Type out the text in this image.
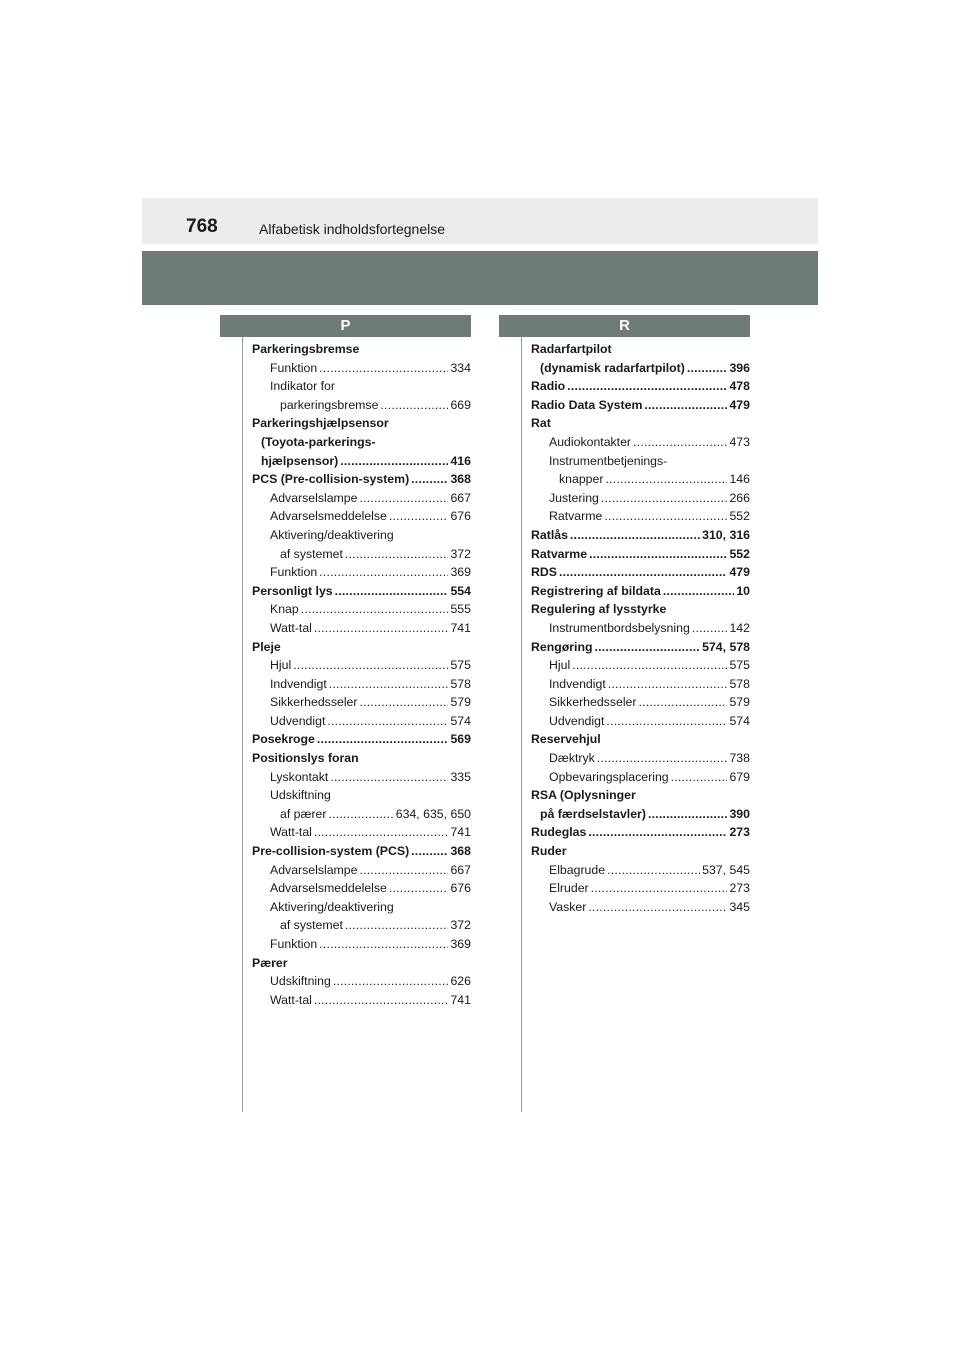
768	Alfabetisk indholdsfortegnelse
P	R
Parkeringsbremse
Funktion . . .	334
Indikator for
parkeringsbremse . . .	669
Parkeringshjælpsensor
(Toyota-parkerings-
hjælpsensor) . . .	416
PCS (Pre-collision-system) . . .	368
Advarselslampe . . .	667
Advarselsmeddelelse . . .	676
Aktivering/deaktivering
af systemet . . .	372
Funktion . . .	369
Personligt lys . . .	554
Knap . . .	555
Watt-tal . . .	741
Pleje
Hjul . . .	575
Indvendigt . . .	578
Sikkerhedsseler . . .	579
Udvendigt . . .	574
Posekroge . . .	569
Positionslys foran
Lyskontakt . . .	335
Udskiftning
af pærer . . .	634, 635, 650
Watt-tal . . .	741
Pre-collision-system (PCS) . . .	368
Advarselslampe . . .	667
Advarselsmeddelelse . . .	676
Aktivering/deaktivering
af systemet . . .	372
Funktion . . .	369
Pærer
Udskiftning . . .	626
Watt-tal . . .	741
Radarfartpilot
(dynamisk radarfartpilot) . . .	396
Radio . . .	478
Radio Data System . . .	479
Rat
Audiokontakter . . .	473
Instrumentbetjenings-
knapper . . .	146
Justering . . .	266
Ratvarme . . .	552
Ratlås . . .	310, 316
Ratvarme . . .	552
RDS . . .	479
Registrering af bildata . . .	10
Regulering af lysstyrke
Instrumentbordsbelysning . . .	142
Rengøring . . .	574, 578
Hjul . . .	575
Indvendigt . . .	578
Sikkerhedsseler . . .	579
Udvendigt . . .	574
Reservehjul
Dæktryk . . .	738
Opbevaringsplacering . . .	679
RSA (Oplysninger
på færdselstavler) . . .	390
Rudeglas . . .	273
Ruder
Elbagrude . . .	537, 545
Elruder . . .	273
Vasker . . .	345
